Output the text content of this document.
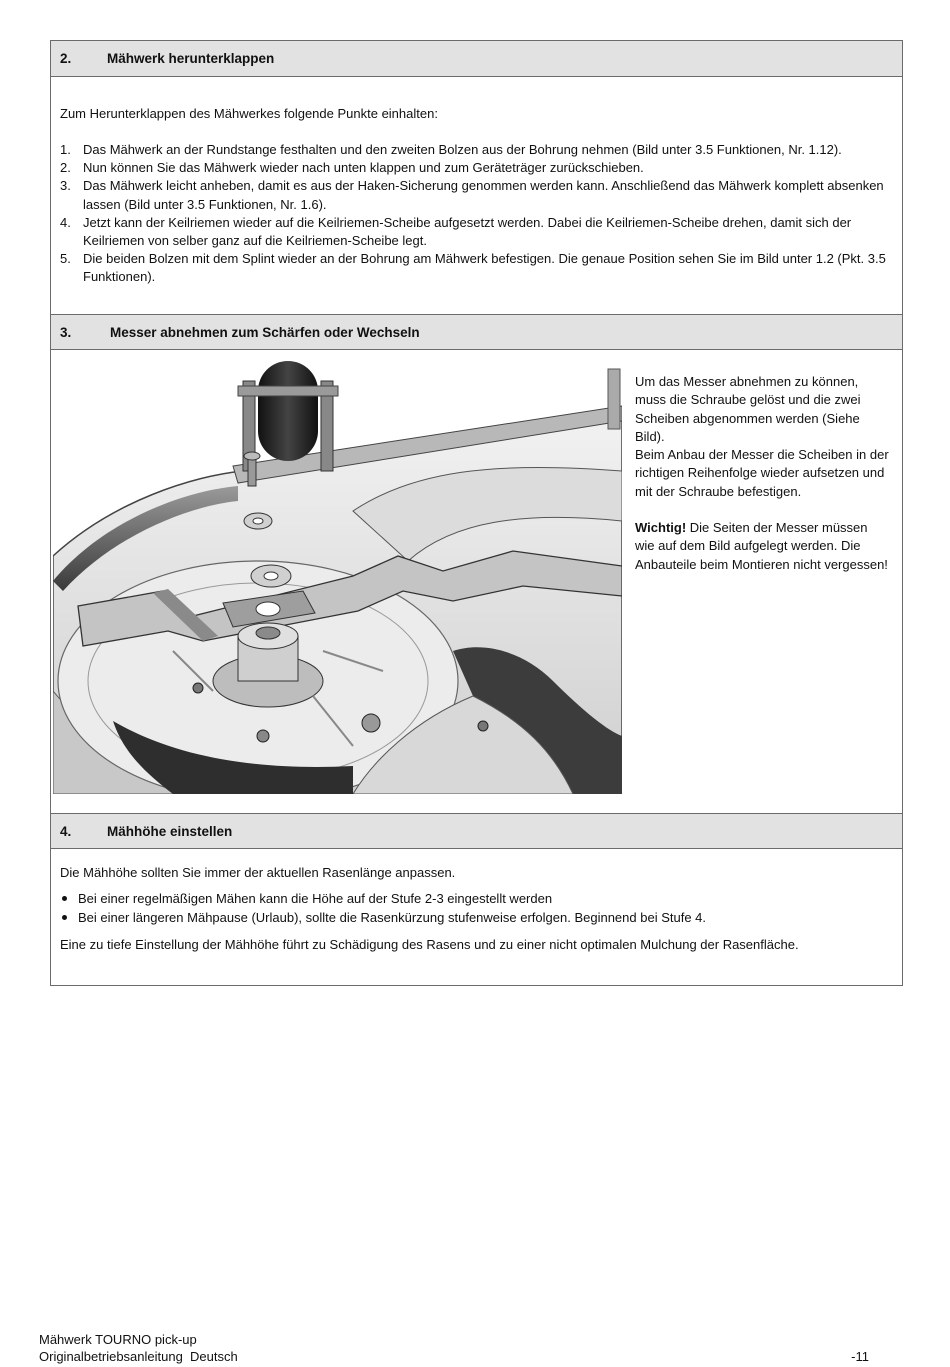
2.	Mähwerk herunterklappen
Zum Herunterklappen des Mähwerkes folgende Punkte einhalten:
1. Das Mähwerk an der Rundstange festhalten und den zweiten Bolzen aus der Bohrung nehmen (Bild unter 3.5 Funktionen, Nr. 1.12).
2. Nun können Sie das Mähwerk wieder nach unten klappen und zum Geräteträger zurückschieben.
3. Das Mähwerk leicht anheben, damit es aus der Haken-Sicherung genommen werden kann. Anschließend das Mähwerk komplett absenken lassen (Bild unter 3.5 Funktionen, Nr. 1.6).
4. Jetzt kann der Keilriemen wieder auf die Keilriemen-Scheibe aufgesetzt werden. Dabei die Keilriemen-Scheibe drehen, damit sich der Keilriemen von selber ganz auf die Keilriemen-Scheibe legt.
5. Die beiden Bolzen mit dem Splint wieder an der Bohrung am Mähwerk befestigen. Die genaue Position sehen Sie im Bild unter 1.2 (Pkt. 3.5 Funktionen).
3.	Messer abnehmen zum Schärfen oder Wechseln

Um das Messer abnehmen zu können, muss die Schraube gelöst und die zwei Scheiben abgenommen werden (Siehe Bild).

Beim Anbau der Messer die Scheiben in der richtigen Reihenfolge wieder aufsetzen und mit der Schraube befestigen.

Wichtig! Die Seiten der Messer müssen wie auf dem Bild aufgelegt werden. Die Anbauteile beim Montieren nicht vergessen!

4.	Mähhöhe einstellen
Die Mähhöhe sollten Sie immer der aktuellen Rasenlänge anpassen.
Bei einer regelmäßigen Mähen kann die Höhe auf der Stufe 2-3 eingestellt werden
Bei einer längeren Mähpause (Urlaub), sollte die Rasenkürzung stufenweise erfolgen. Beginnend bei Stufe 4.
Eine zu tiefe Einstellung der Mähhöhe führt zu Schädigung des Rasens und zu einer nicht optimalen Mulchung der Rasenfläche.
Mähwerk TOURNO pick-up
Originalbetriebsanleitung  Deutsch	-11
